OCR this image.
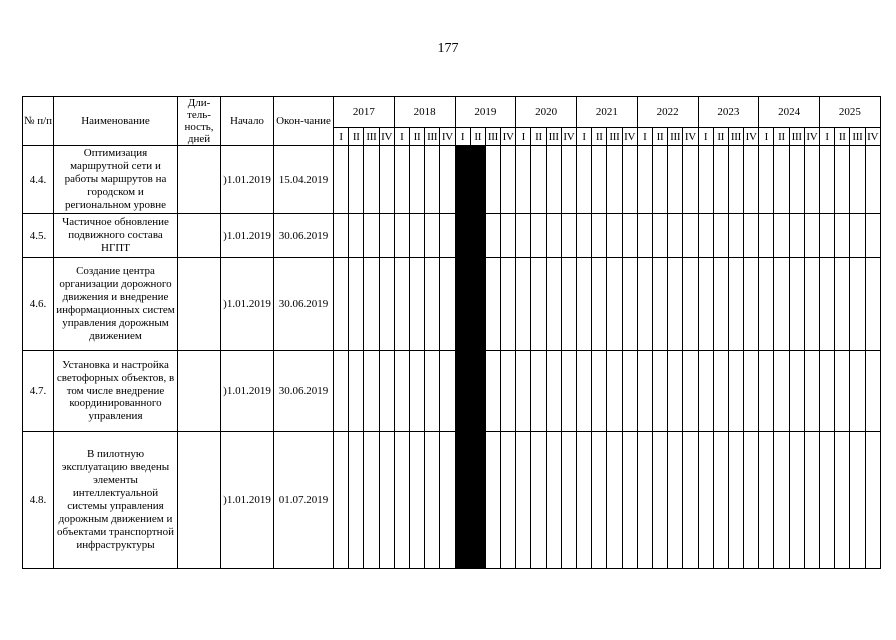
177
№ п/п	Наименование	Дли-тель-ность, дней	Начало	Окон-чание	2017				2018				2019				2020				2021				2022				2023				2024				2025			
					I	II	III	IV	I	II	III	IV	I	II	III	IV	I	II	III	IV	I	II	III	IV	I	II	III	IV	I	II	III	IV	I	II	III	IV	I	II	III	IV
4.4.	Оптимизация маршрутной сети и работы маршрутов на городском и региональном уровне		)1.01.2019	15.04.2019																																				
4.5.	Частичное обновление подвижного состава НГПТ		)1.01.2019	30.06.2019																																				
4.6.	Создание центра организации дорожного движения и внедрение информационных систем управления дорожным движением		)1.01.2019	30.06.2019																																				
4.7.	Установка и настройка светофорных объектов, в том числе внедрение координированного управления		)1.01.2019	30.06.2019																																				
4.8.	В пилотную эксплуатацию введены элементы интеллектуальной системы управления дорожным движением и объектами транспортной инфраструктуры		)1.01.2019	01.07.2019																																				
